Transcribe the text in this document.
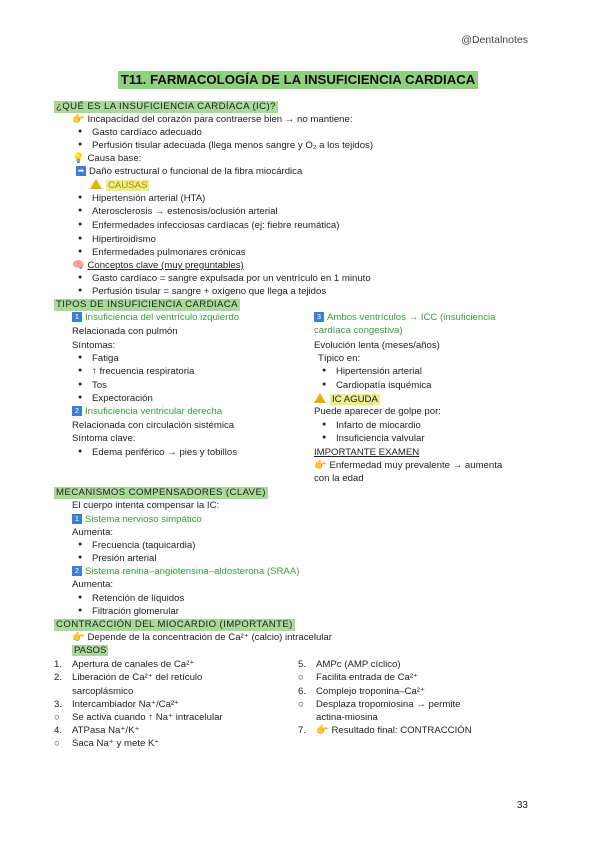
@Dentalnotes
T11. FARMACOLOGÍA DE LA INSUFICIENCIA CARDIACA
¿QUÉ ES LA INSUFICIENCIA CARDÍACA (IC)?
👉 Incapacidad del corazón para contraerse bien → no mantiene:
● Gasto cardíaco adecuado
● Perfusión tisular adecuada (llega menos sangre y O₂ a los tejidos)
💡 Causa base:
➡ Daño estructural o funcional de la fibra miocárdica
CAUSAS
● Hipertensión arterial (HTA)
● Aterosclerosis → estenosis/oclusión arterial
● Enfermedades infecciosas cardíacas (ej: fiebre reumática)
● Hipertiroidismo
● Enfermedades pulmonares crónicas
🧠 Conceptos clave (muy preguntables)
● Gasto cardíaco = sangre expulsada por un ventrículo en 1 minuto
● Perfusión tisular = sangre + oxígeno que llega a tejidos
TIPOS DE INSUFICIENCIA CARDIACA
1 Insuficiencia del ventrículo izquierdo
Relacionada con pulmón
Síntomas:
● Fatiga
● ↑ frecuencia respiratoria
● Tos
● Expectoración
2 Insuficiencia ventricular derecha
Relacionada con circulación sistémica
Síntoma clave:
● Edema periférico → pies y tobillos
3 Ambos ventrículos → ICC (insuficiencia
cardíaca congestiva)
Evolución lenta (meses/años)
Típico en:
● Hipertensión arterial
● Cardiopatía isquémica
IC AGUDA
Puede aparecer de golpe por:
● Infarto de miocardio
● Insuficiencia valvular
IMPORTANTE EXAMEN
👉 Enfermedad muy prevalente → aumenta
con la edad
MECANISMOS COMPENSADORES (CLAVE)
El cuerpo intenta compensar la IC:
1 Sistema nervioso simpático
Aumenta:
● Frecuencia (taquicardia)
● Presión arterial
2 Sistema renina–angiotensina–aldosterona (SRAA)
Aumenta:
● Retención de líquidos
● Filtración glomerular
CONTRACCIÓN DEL MIOCARDIO (IMPORTANTE)
👉 Depende de la concentración de Ca²⁺ (calcio) intracelular
PASOS
1. Apertura de canales de Ca²⁺
2. Liberación de Ca²⁺ del retículo
sarcoplásmico
3. Intercambiador Na⁺/Ca²⁺
○ Se activa cuando ↑ Na⁺ intracelular
4. ATPasa Na⁺/K⁺
○ Saca Na⁺ y mete K⁺
5. AMPc (AMP cíclico)
○ Facilita entrada de Ca²⁺
6. Complejo troponina–Ca²⁺
○ Desplaza tropomiosina → permite
actina-miosina
7. 👉 Resultado final: CONTRACCIÓN
33
